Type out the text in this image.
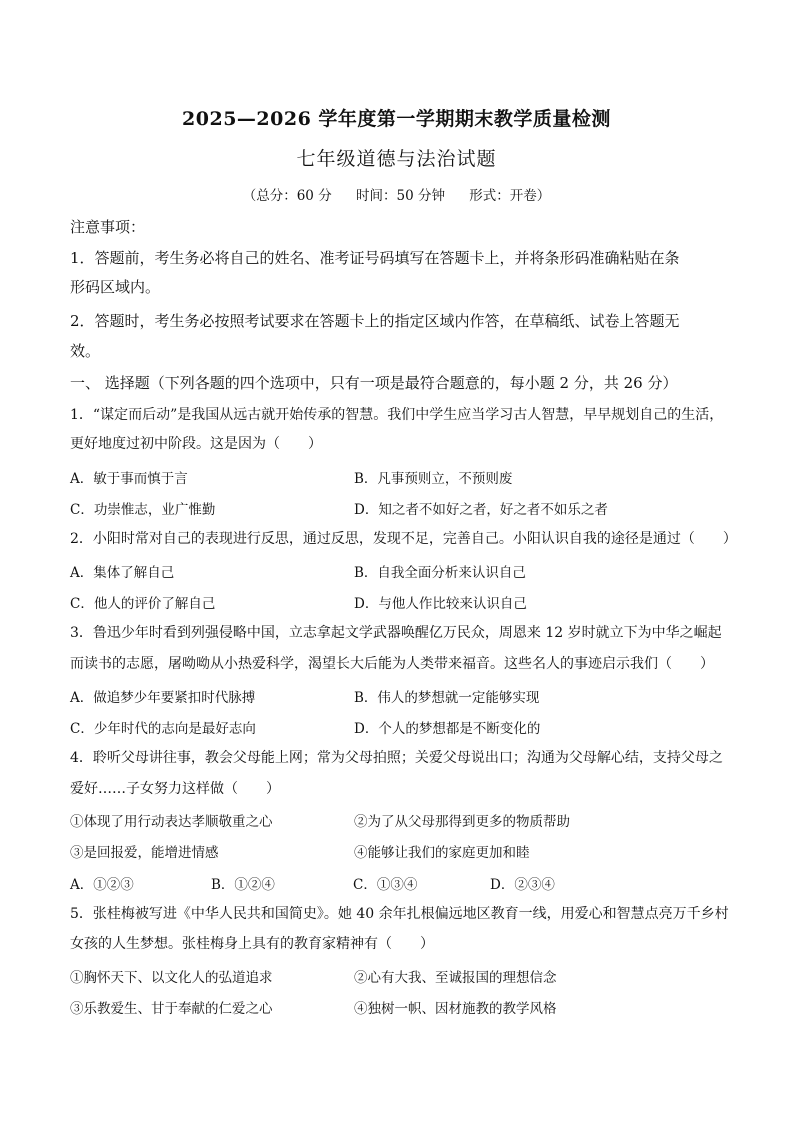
2025—2026 学年度第一学期期末教学质量检测
七年级道德与法治试题
（总分：60 分 时间：50 分钟 形式：开卷）
注意事项：
1．答题前，考生务必将自己的姓名、准考证号码填写在答题卡上，并将条形码准确粘贴在条
形码区域内。
2．答题时，考生务必按照考试要求在答题卡上的指定区域内作答，在草稿纸、试卷上答题无
效。
一、 选择题（下列各题的四个选项中，只有一项是最符合题意的，每小题 2 分，共 26 分）
1．“谋定而后动”是我国从远古就开始传承的智慧。我们中学生应当学习古人智慧，早早规划自己的生活，
更好地度过初中阶段。这是因为（　　）
A．敏于事而慎于言	B．凡事预则立，不预则废
C．功崇惟志，业广惟勤	D．知之者不如好之者，好之者不如乐之者
2．小阳时常对自己的表现进行反思，通过反思，发现不足，完善自己。小阳认识自我的途径是通过（　　）
A．集体了解自己	B．自我全面分析来认识自己
C．他人的评价了解自己	D．与他人作比较来认识自己
3．鲁迅少年时看到列强侵略中国，立志拿起文学武器唤醒亿万民众，周恩来 12 岁时就立下为中华之崛起
而读书的志愿，屠呦呦从小热爱科学，渴望长大后能为人类带来福音。这些名人的事迹启示我们（　　）
A．做追梦少年要紧扣时代脉搏	B．伟人的梦想就一定能够实现
C．少年时代的志向是最好志向	D．个人的梦想都是不断变化的
4．聆听父母讲往事，教会父母能上网；常为父母拍照；关爱父母说出口；沟通为父母解心结，支持父母之
爱好……子女努力这样做（　　）
①体现了用行动表达孝顺敬重之心	②为了从父母那得到更多的物质帮助
③是回报爱，能增进情感	④能够让我们的家庭更加和睦
A．①②③	B．①②④	C．①③④	D．②③④
5．张桂梅被写进《中华人民共和国简史》。她 40 余年扎根偏远地区教育一线，用爱心和智慧点亮万千乡村
女孩的人生梦想。张桂梅身上具有的教育家精神有（　　）
①胸怀天下、以文化人的弘道追求	②心有大我、至诚报国的理想信念
③乐教爱生、甘于奉献的仁爱之心	④独树一帜、因材施教的教学风格
